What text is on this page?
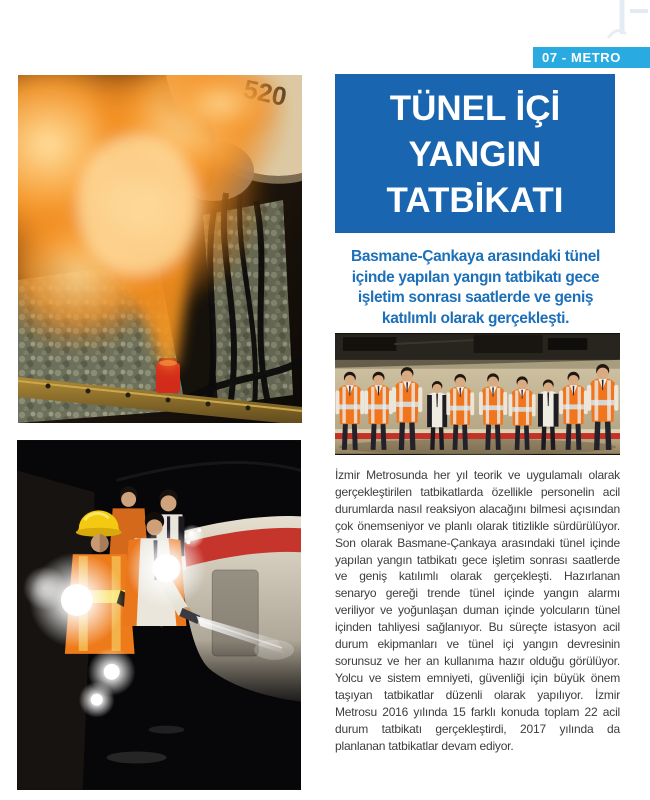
07 - METRO
TÜNEL İÇİ
YANGIN
TATBİKATI
Basmane-Çankaya arasındaki tünel
içinde yapılan yangın tatbikatı gece
işletim sonrası saatlerde ve geniş
katılımlı olarak gerçekleşti.

İzmir Metrosunda her yıl teorik ve uygulamalı olarak gerçekleştirilen tatbikatlarda özellikle personelin acil durumlarda nasıl reaksiyon alacağını bilmesi açısından çok önemseniyor ve planlı olarak titizlikle sürdürülüyor. Son olarak Basmane-Çankaya arasındaki tünel içinde yapılan yangın tatbikatı gece işletim sonrası saatlerde ve geniş katılımlı olarak gerçekleşti. Hazırlanan senaryo gereği trende tünel içinde yangın alarmı veriliyor ve yoğunlaşan duman içinde yolcuların tünel içinden tahliyesi sağlanıyor. Bu süreçte istasyon acil durum ekipmanları ve tünel içi yangın devresinin sorunsuz ve her an kullanıma hazır olduğu görülüyor. Yolcu ve sistem emniyeti, güvenliği için büyük önem taşıyan tatbikatlar düzenli olarak yapılıyor. İzmir Metrosu 2016 yılında 15 farklı konuda toplam 22 acil durum tatbikatı gerçekleştirdi, 2017 yılında da planlanan tatbikatlar devam ediyor.
